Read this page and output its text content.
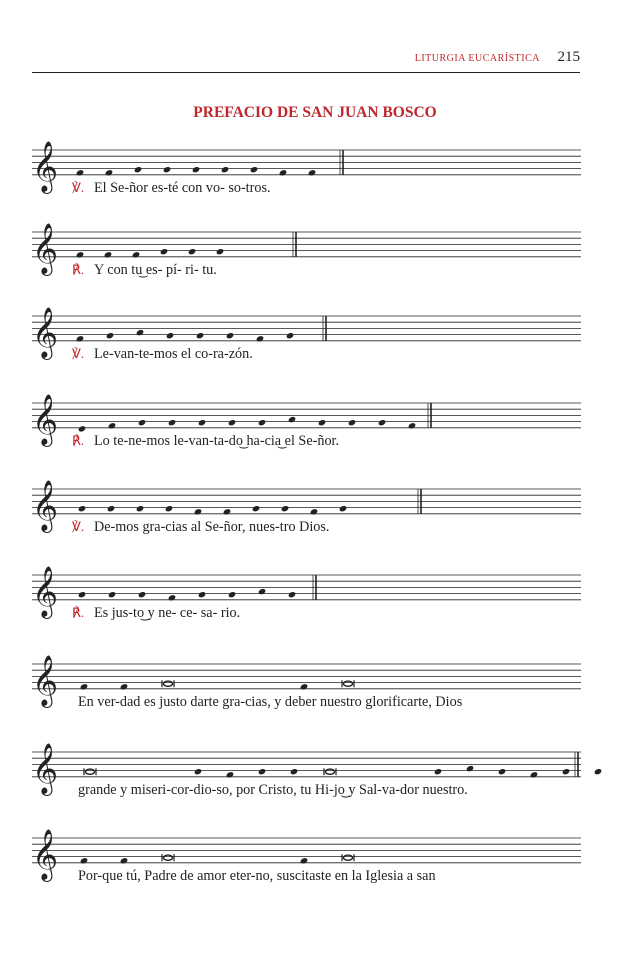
LITURGIA EUCARÍSTICA 215
PREFACIO DE SAN JUAN BOSCO
𝄞 ℣. El Se-ñor es-té con vo- so-tros.
𝄞 ℟. Y con tu͜ es- pí- ri- tu.
𝄞 ℣. Le-van-te-mos el co-ra-zón.
𝄞 ℟. Lo te-ne-mos le-van-ta-do͜ ha-cia͜ el Se-ñor.
𝄞 ℣. De-mos gra-cias al Se-ñor, nues-tro Dios.
𝄞 ℟. Es jus-to͜ y ne- ce- sa- rio.
𝄞 En ver-dad es justo darte gra-cias, y deber nuestro glorificarte, Dios
𝄞 grande y miseri-cor-dio-so, por Cristo, tu Hi-jo͜ y Sal-va-dor nuestro.
𝄞 Por-que tú, Padre de amor eter-no, suscitaste en la Iglesia a san
